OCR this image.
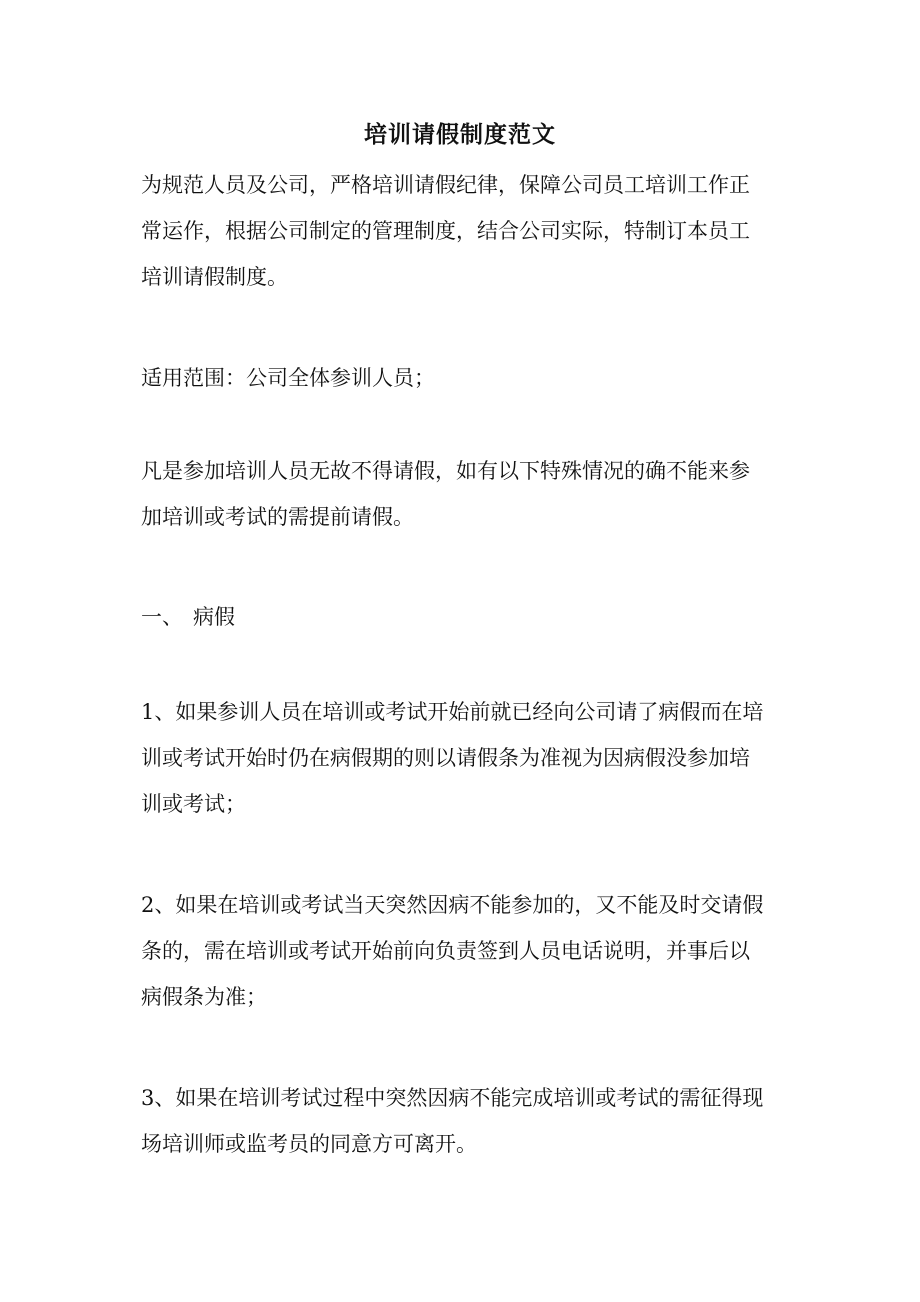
培训请假制度范文

为规范人员及公司，严格培训请假纪律，保障公司员工培训工作正
常运作，根据公司制定的管理制度，结合公司实际，特制订本员工
培训请假制度。

适用范围：公司全体参训人员；

凡是参加培训人员无故不得请假，如有以下特殊情况的确不能来参
加培训或考试的需提前请假。

一、 病假

1、如果参训人员在培训或考试开始前就已经向公司请了病假而在培
训或考试开始时仍在病假期的则以请假条为准视为因病假没参加培
训或考试；

2、如果在培训或考试当天突然因病不能参加的，又不能及时交请假
条的，需在培训或考试开始前向负责签到人员电话说明，并事后以
病假条为准；

3、如果在培训考试过程中突然因病不能完成培训或考试的需征得现
场培训师或监考员的同意方可离开。
